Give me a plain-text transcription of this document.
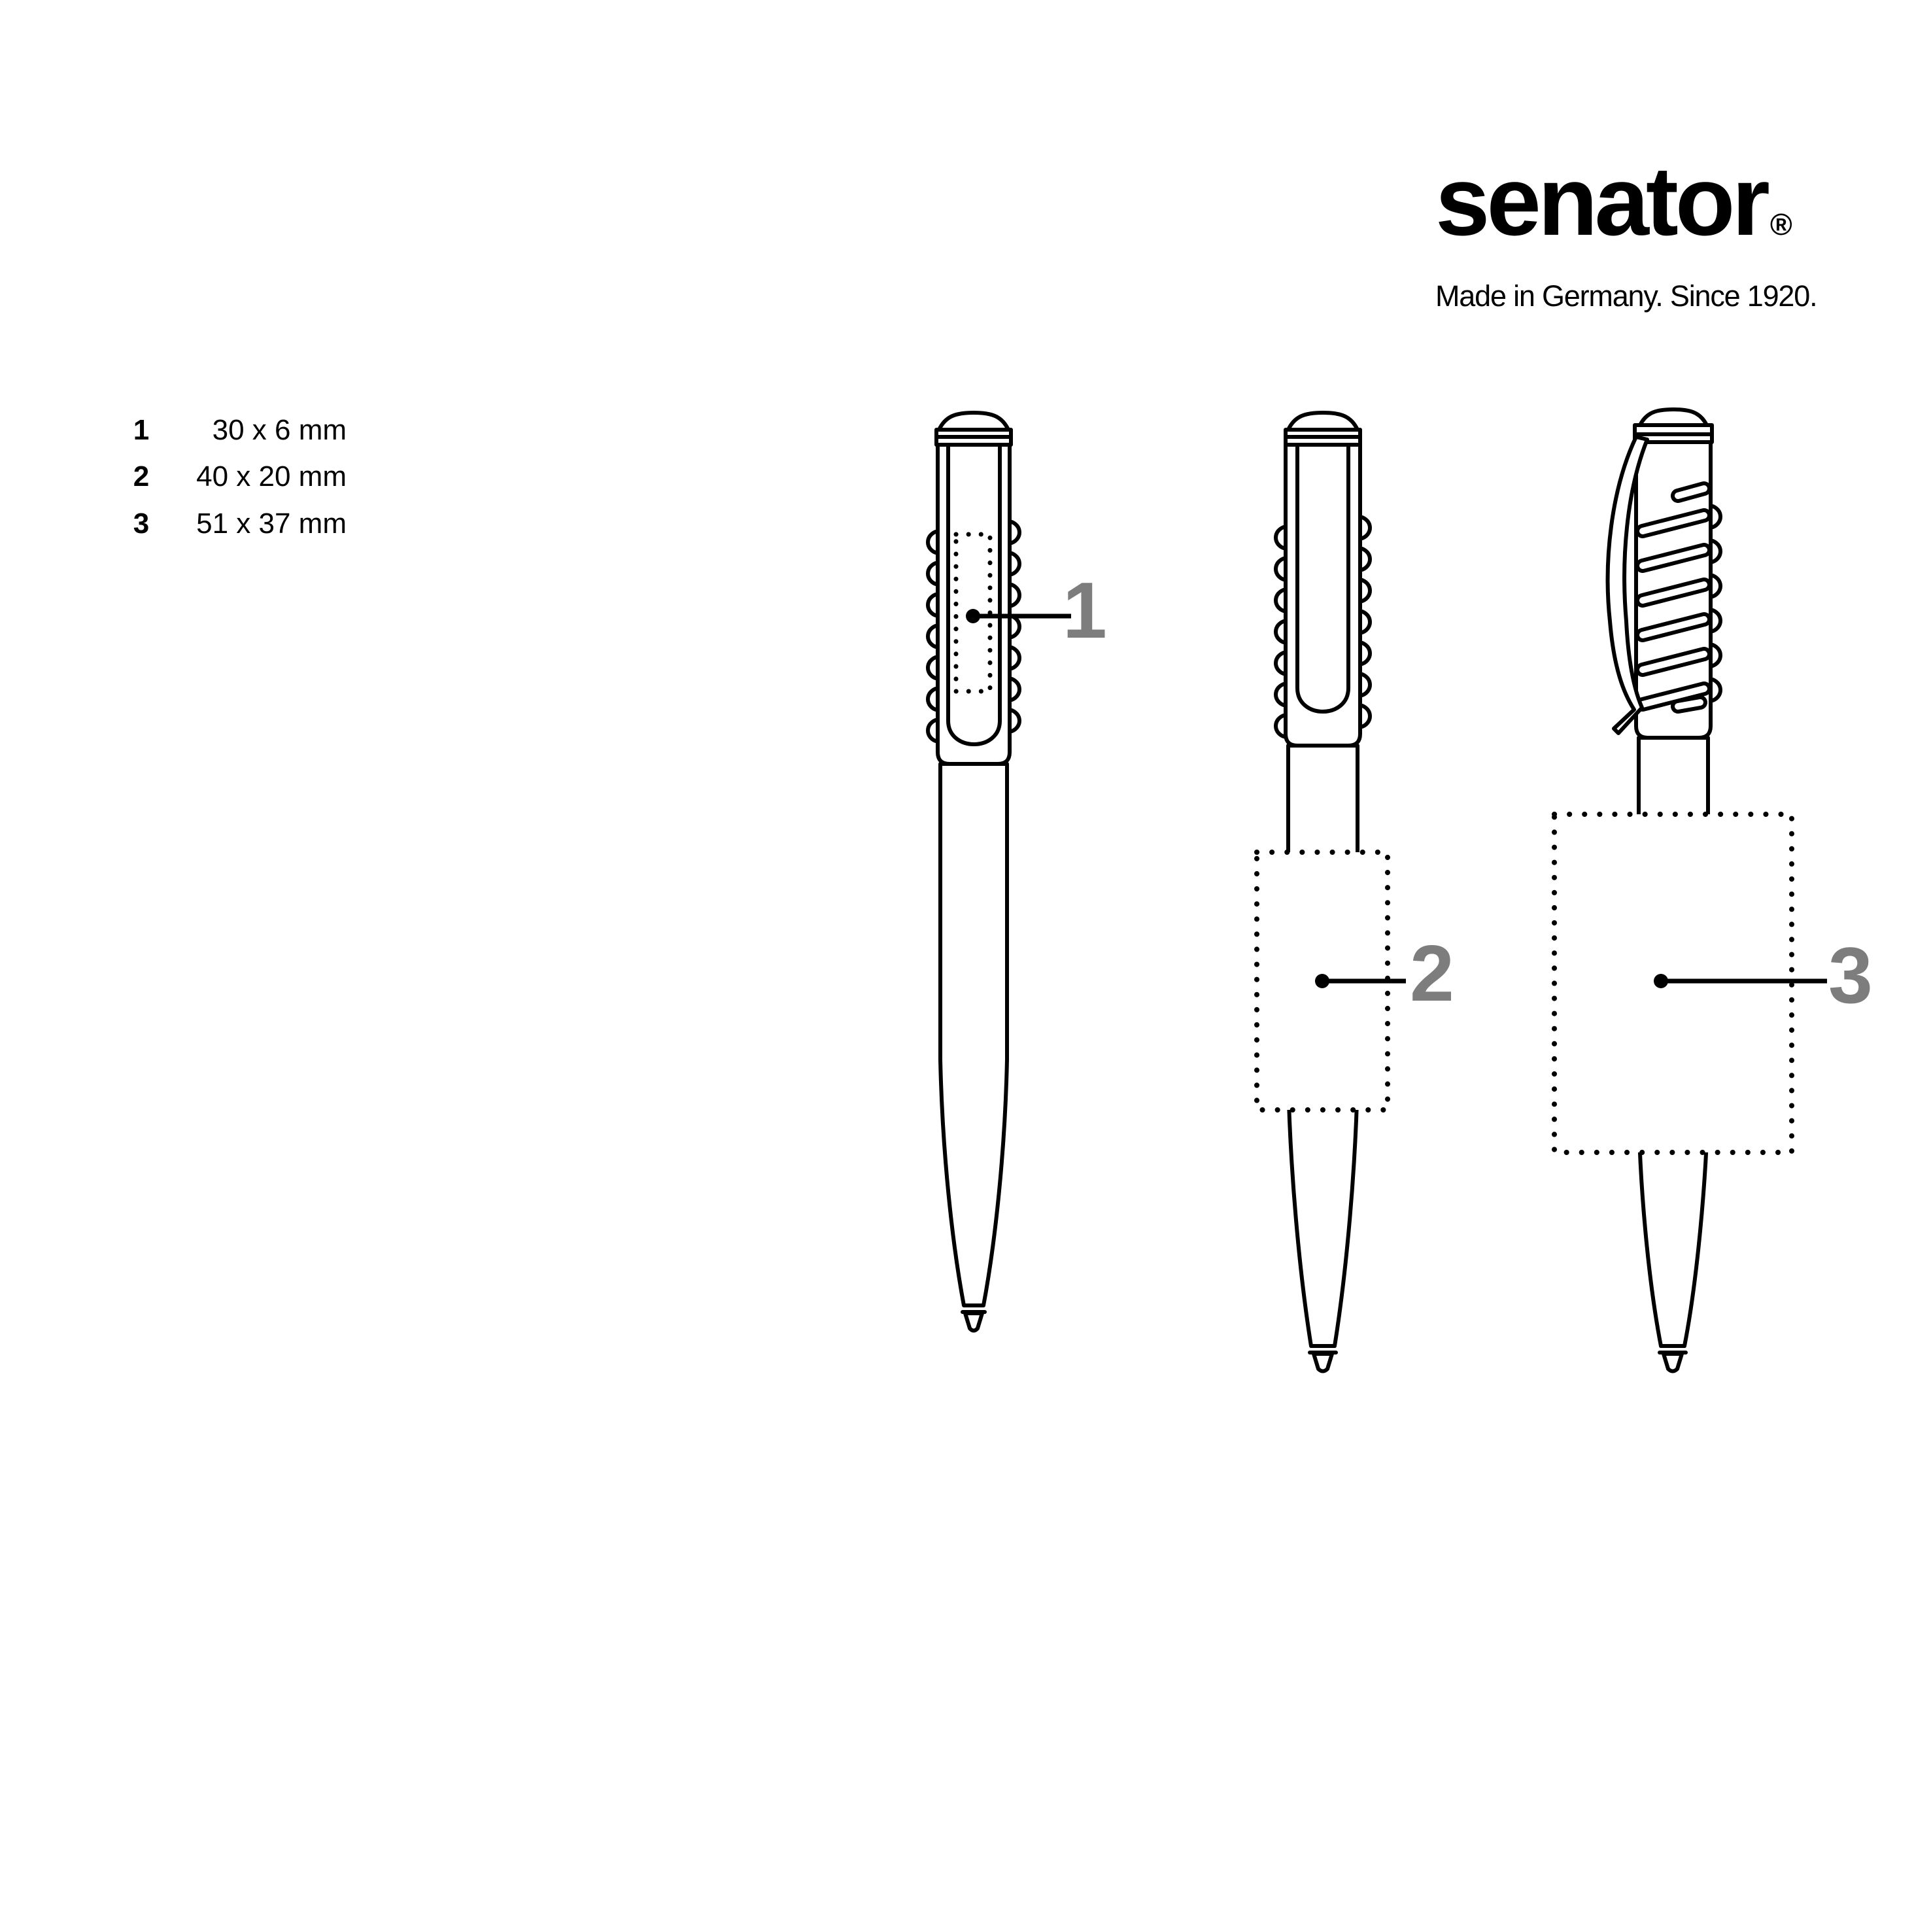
senator ®
Made in Germany. Since 1920.
1	30 x 6 mm
2	40 x 20 mm
3	51 x 37 mm
1
2	3
